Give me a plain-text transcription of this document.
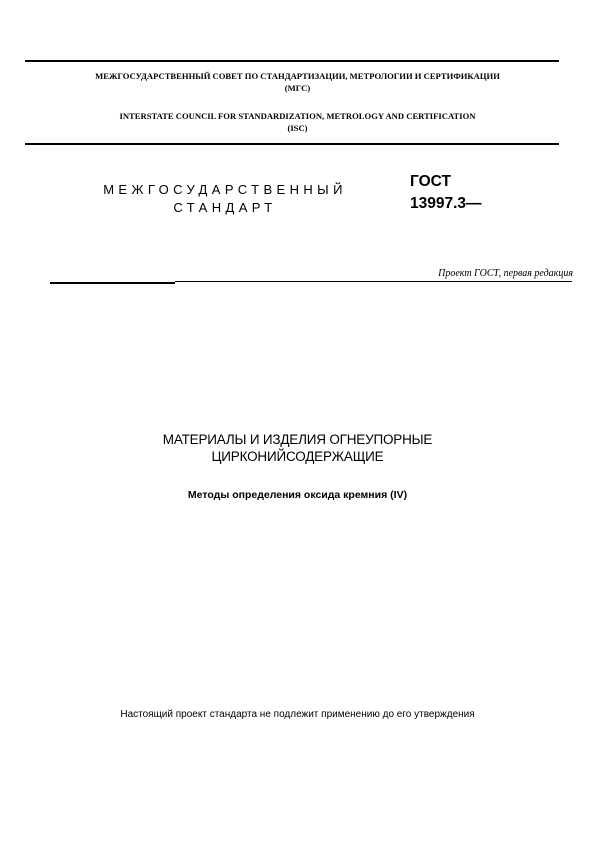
МЕЖГОСУДАРСТВЕННЫЙ СОВЕТ ПО СТАНДАРТИЗАЦИИ, МЕТРОЛОГИИ И СЕРТИФИКАЦИИ
(МГС)
INTERSTATE COUNCIL FOR STANDARDIZATION, METROLOGY AND CERTIFICATION
(ISC)
МЕЖГОСУДАРСТВЕННЫЙ
СТАНДАРТ
ГОСТ
13997.3—
Проект ГОСТ, первая редакция
МАТЕРИАЛЫ И ИЗДЕЛИЯ ОГНЕУПОРНЫЕ
ЦИРКОНИЙСОДЕРЖАЩИЕ
Методы определения оксида кремния (IV)
Настоящий проект стандарта не подлежит применению до его утверждения
